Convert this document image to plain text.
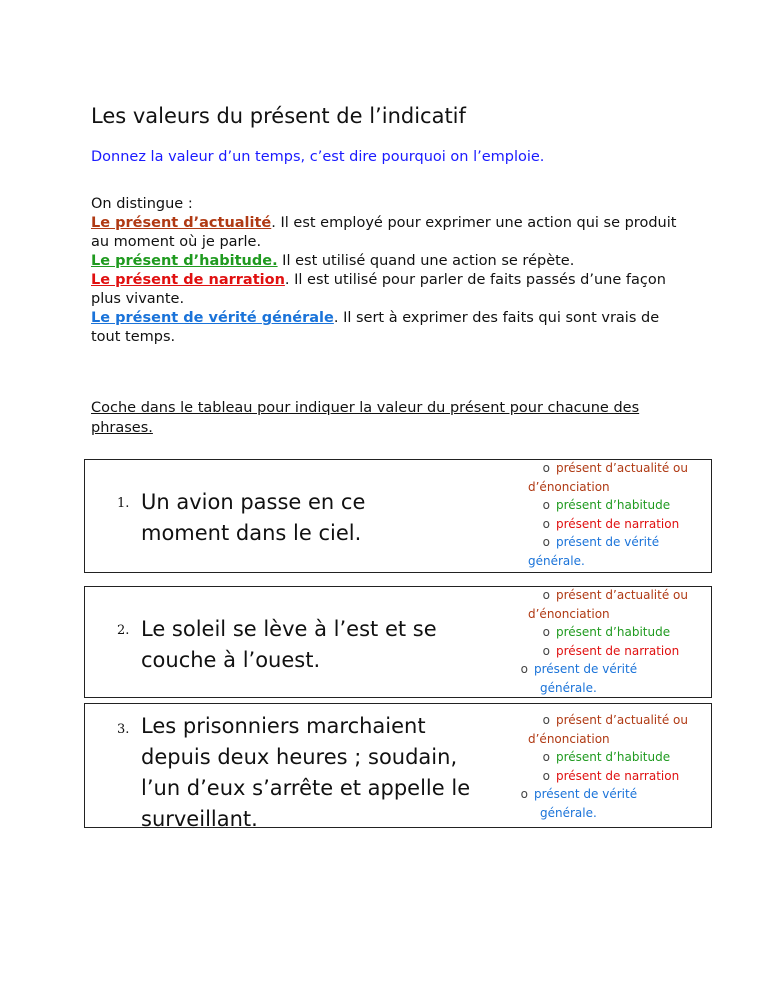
Les valeurs du présent de l’indicatif
Donnez la valeur d’un temps, c’est dire pourquoi on l’emploie.

On distingue :

Le présent d’actualité. Il est employé pour exprimer une action qui se produit au moment où je parle.

Le présent d’habitude. Il est utilisé quand une action se répète.

Le présent de narration. Il est utilisé pour parler de faits passés d’une façon plus vivante.

Le présent de vérité générale. Il sert à exprimer des faits qui sont vrais de tout temps.

Coche dans le tableau pour indiquer la valeur du présent pour chacune des phrases.
1. Un avion passe en ce moment dans le ciel.
o présent d’actualité ou
d’énonciation
o présent d’habitude
o présent de narration
o présent de vérité
générale.
2. Le soleil se lève à l’est et se couche à l’ouest.
o présent d’actualité ou
d’énonciation
o présent d’habitude
o présent de narration
o présent de vérité
générale.
3. Les prisonniers marchaient depuis deux heures ; soudain, l’un d’eux s’arrête et appelle le surveillant.
o présent d’actualité ou
d’énonciation
o présent d’habitude
o présent de narration
o présent de vérité
générale.
